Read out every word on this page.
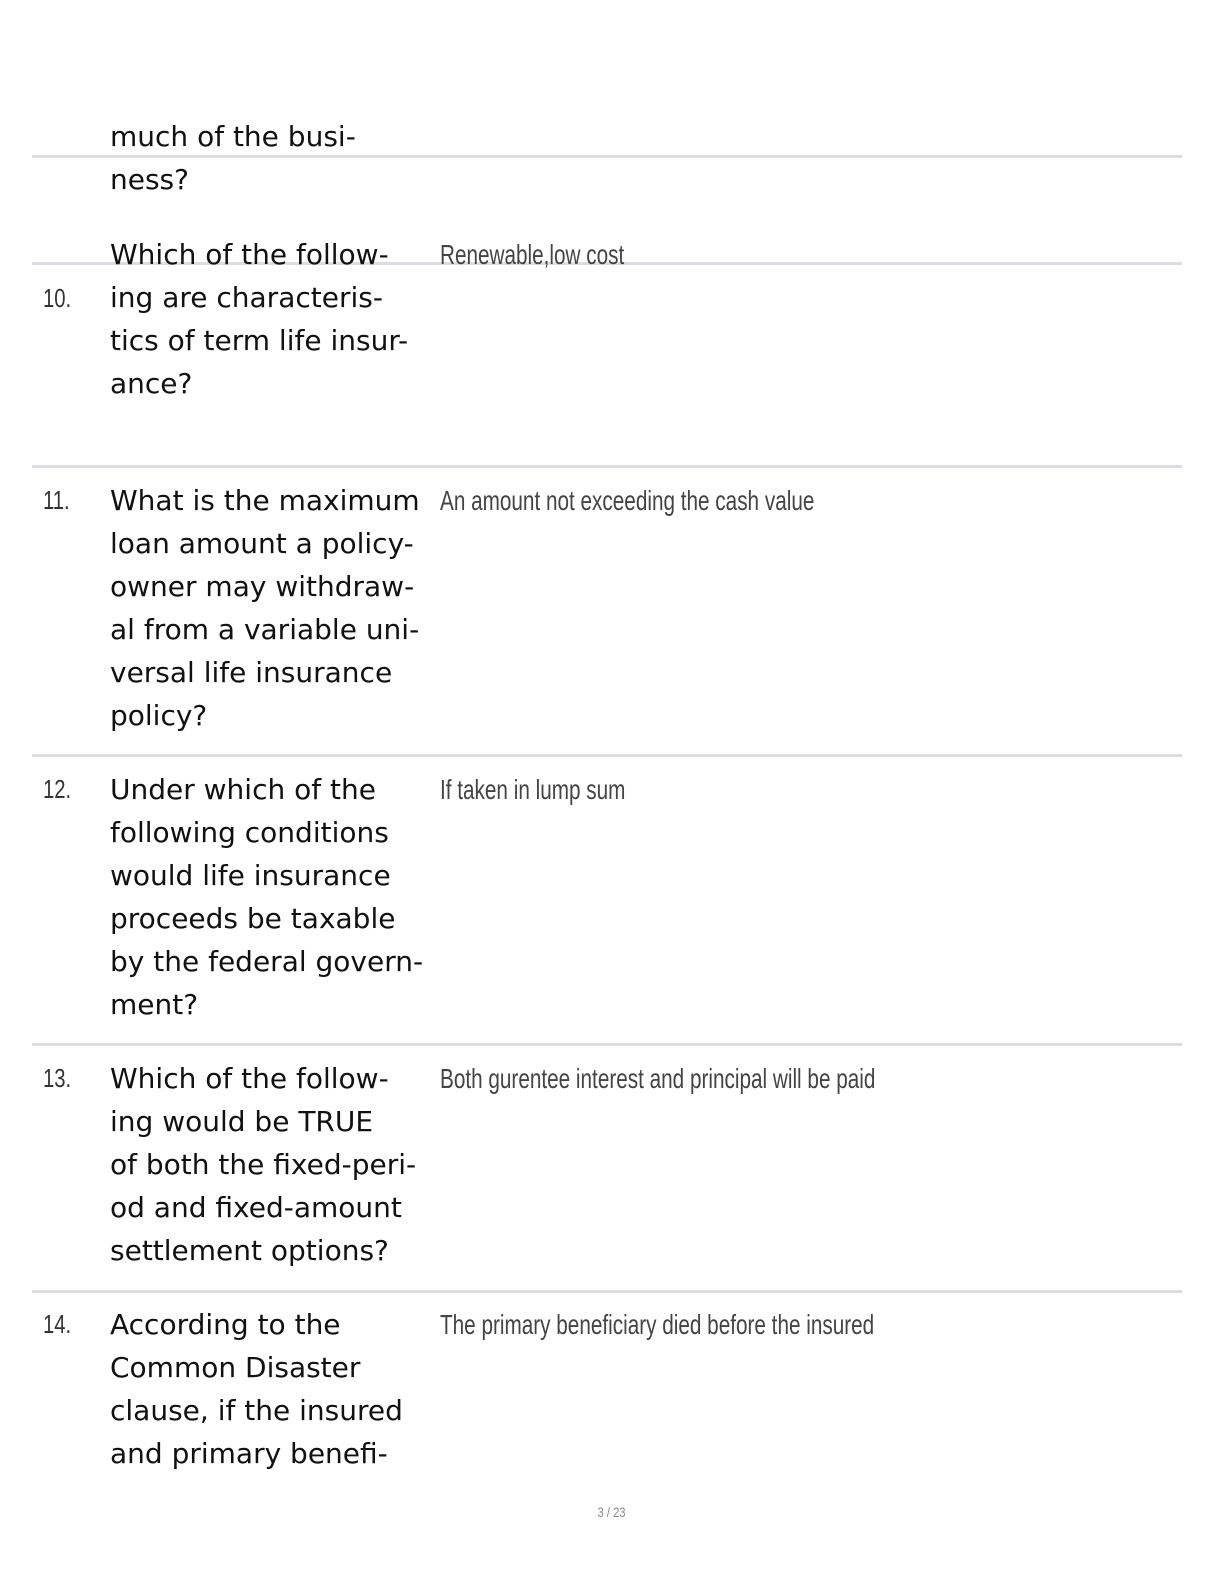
much of the busi-
ness?
Which of the follow-
ing are characteris-
tics of term life insur-
ance?
10.
Renewable,low cost
11. What is the maximum
loan amount a policy-
owner may withdraw-
al from a variable uni-
versal life insurance
policy?
An amount not exceeding the cash value
12. Under which of the
following conditions
would life insurance
proceeds be taxable
by the federal govern-
ment?
If taken in lump sum
13. Which of the follow-
ing would be TRUE
of both the fixed-peri-
od and fixed-amount
settlement options?
Both gurentee interest and principal will be paid
14. According to the
Common Disaster
clause, if the insured
and primary benefi-
The primary beneficiary died before the insured
3 / 23
